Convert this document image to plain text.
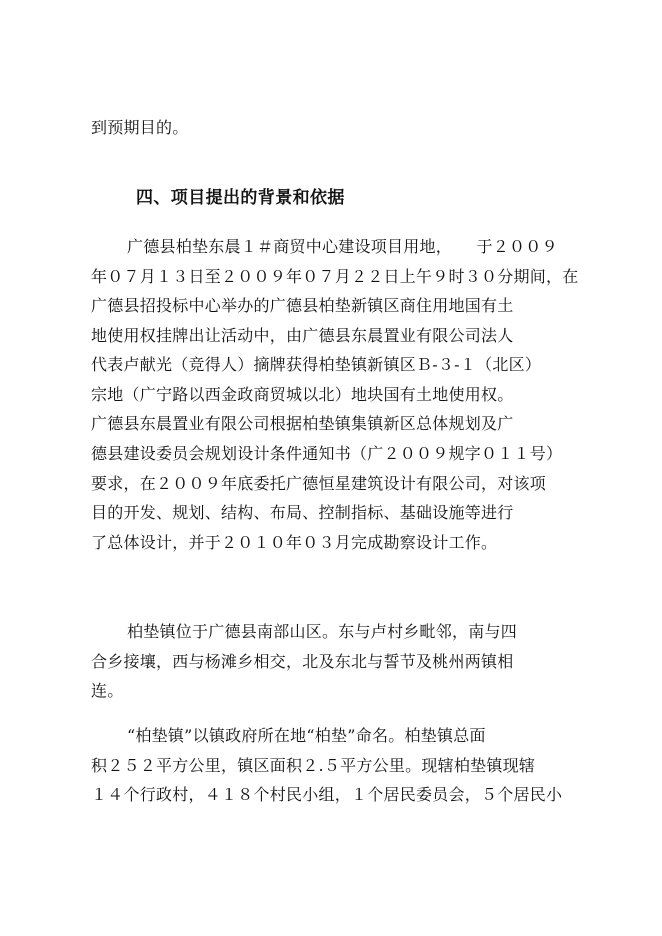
到预期目的。
四、项目提出的背景和依据
广德县柏垫东晨１＃商贸中心建设项目用地，　　于２００９
年０７月１３日至２００９年０７月２２日上午９时３０分期间，在
广德县招投标中心举办的广德县柏垫新镇区商住用地国有土
地使用权挂牌出让活动中，由广德县东晨置业有限公司法人
代表卢献光（竞得人）摘牌获得柏垫镇新镇区Ｂ-３-１（北区）
宗地（广宁路以西金政商贸城以北）地块国有土地使用权。
广德县东晨置业有限公司根据柏垫镇集镇新区总体规划及广
德县建设委员会规划设计条件通知书（广２００９规字０１１号）
要求，在２００９年底委托广德恒星建筑设计有限公司，对该项
目的开发、规划、结构、布局、控制指标、基础设施等进行
了总体设计，并于２０１０年０３月完成勘察设计工作。
柏垫镇位于广德县南部山区。东与卢村乡毗邻，南与四
合乡接壤，西与杨滩乡相交，北及东北与誓节及桃州两镇相
连。
“柏垫镇”以镇政府所在地“柏垫”命名。柏垫镇总面
积２５２平方公里，镇区面积２.５平方公里。现辖柏垫镇现辖
１４个行政村，４１８个村民小组，１个居民委员会，５个居民小
